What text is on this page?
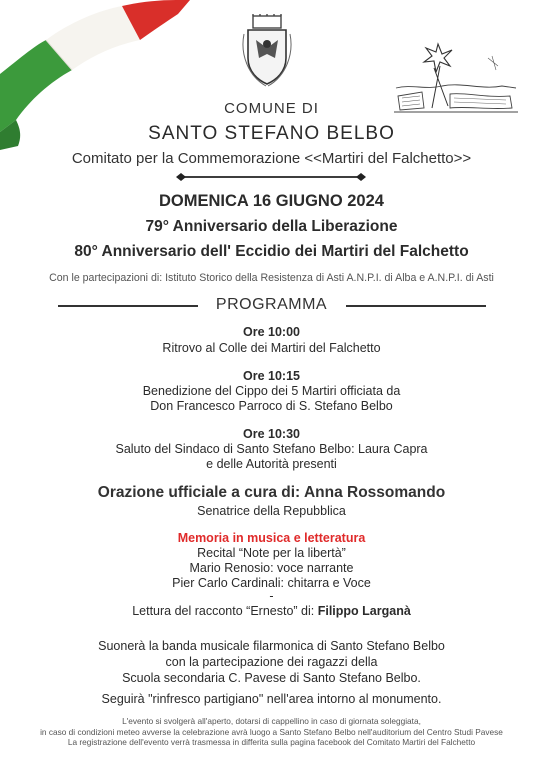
COMUNE DI
SANTO STEFANO BELBO
Comitato per la Commemorazione <<Martiri del Falchetto>>
DOMENICA 16 GIUGNO 2024
79° Anniversario della Liberazione
80° Anniversario dell' Eccidio dei Martiri del Falchetto
Con le partecipazioni di: Istituto Storico della Resistenza di Asti A.N.P.I. di Alba e A.N.P.I. di Asti
PROGRAMMA
Ore 10:00
Ritrovo al Colle dei Martiri del Falchetto
Ore 10:15
Benedizione del Cippo dei 5 Martiri officiata da
Don Francesco Parroco di S. Stefano Belbo
Ore 10:30
Saluto del Sindaco di Santo Stefano Belbo: Laura Capra
e delle Autorità presenti
Orazione ufficiale a cura di: Anna Rossomando
Senatrice della Repubblica
Memoria in musica e letteratura
Recital “Note per la libertà”
Mario Renosio: voce narrante
Pier Carlo Cardinali: chitarra e Voce
-
Lettura del racconto “Ernesto” di: Filippo Larganà
Suonerà la banda musicale filarmonica di Santo Stefano Belbo
con la partecipazione dei ragazzi della
Scuola secondaria C. Pavese di Santo Stefano Belbo.
Seguirà "rinfresco partigiano" nell'area intorno al monumento.
L'evento si svolgerà all'aperto, dotarsi di cappellino in caso di giornata soleggiata,
in caso di condizioni meteo avverse la celebrazione avrà luogo a Santo Stefano Belbo nell'auditorium del Centro Studi Pavese
La registrazione dell'evento verrà trasmessa in differita sulla pagina facebook del Comitato Martiri del Falchetto
